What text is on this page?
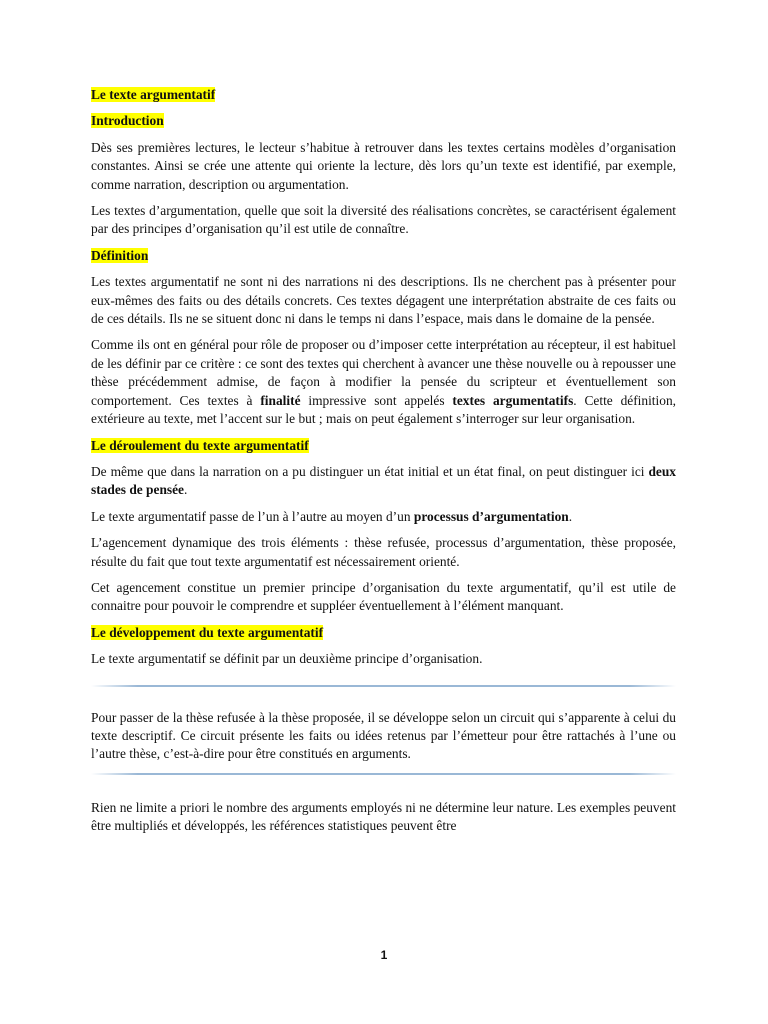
Le texte argumentatif
Introduction

Dès ses premières lectures, le lecteur s’habitue à retrouver dans les textes certains modèles d’organisation constantes. Ainsi se crée une attente qui oriente la lecture, dès lors qu’un texte est identifié, par exemple, comme narration, description ou argumentation.

Les textes d’argumentation, quelle que soit la diversité des réalisations concrètes, se caractérisent également par des principes d’organisation qu’il est utile de connaître.

Définition

Les textes argumentatif ne sont ni des narrations ni des descriptions. Ils ne cherchent pas à présenter pour eux-mêmes des faits ou des détails concrets. Ces textes dégagent une interprétation abstraite de ces faits ou de ces détails. Ils ne se situent donc ni dans le temps ni dans l’espace, mais dans le domaine de la pensée.

Comme ils ont en général pour rôle de proposer ou d’imposer cette interprétation au récepteur, il est habituel de les définir par ce critère : ce sont des textes qui cherchent à avancer une thèse nouvelle ou à repousser une thèse précédemment admise, de façon à modifier la pensée du scripteur et éventuellement son comportement. Ces textes à finalité impressive sont appelés textes argumentatifs. Cette définition, extérieure au texte, met l’accent sur le but ; mais on peut également s’interroger sur leur organisation.

Le déroulement du texte argumentatif

De même que dans la narration on a pu distinguer un état initial et un état final, on peut distinguer ici deux stades de pensée.

Le texte argumentatif passe de l’un à l’autre au moyen d’un processus d’argumentation.

L’agencement dynamique des trois éléments : thèse refusée, processus d’argumentation, thèse proposée, résulte du fait que tout texte argumentatif est nécessairement orienté.

Cet agencement constitue un premier principe d’organisation du texte argumentatif, qu’il est utile de connaitre pour pouvoir le comprendre et suppléer éventuellement à l’élément manquant.

Le développement du texte argumentatif

Le texte argumentatif se définit par un deuxième principe d’organisation.

Pour passer de la thèse refusée à la thèse proposée, il se développe selon un circuit qui s’apparente à celui du texte descriptif. Ce circuit présente les faits ou idées retenus par l’émetteur pour être rattachés à l’une ou l’autre thèse, c’est-à-dire pour être constitués en arguments.

Rien ne limite a priori le nombre des arguments employés ni ne détermine leur nature. Les exemples peuvent être multipliés et développés, les références statistiques peuvent être

1
